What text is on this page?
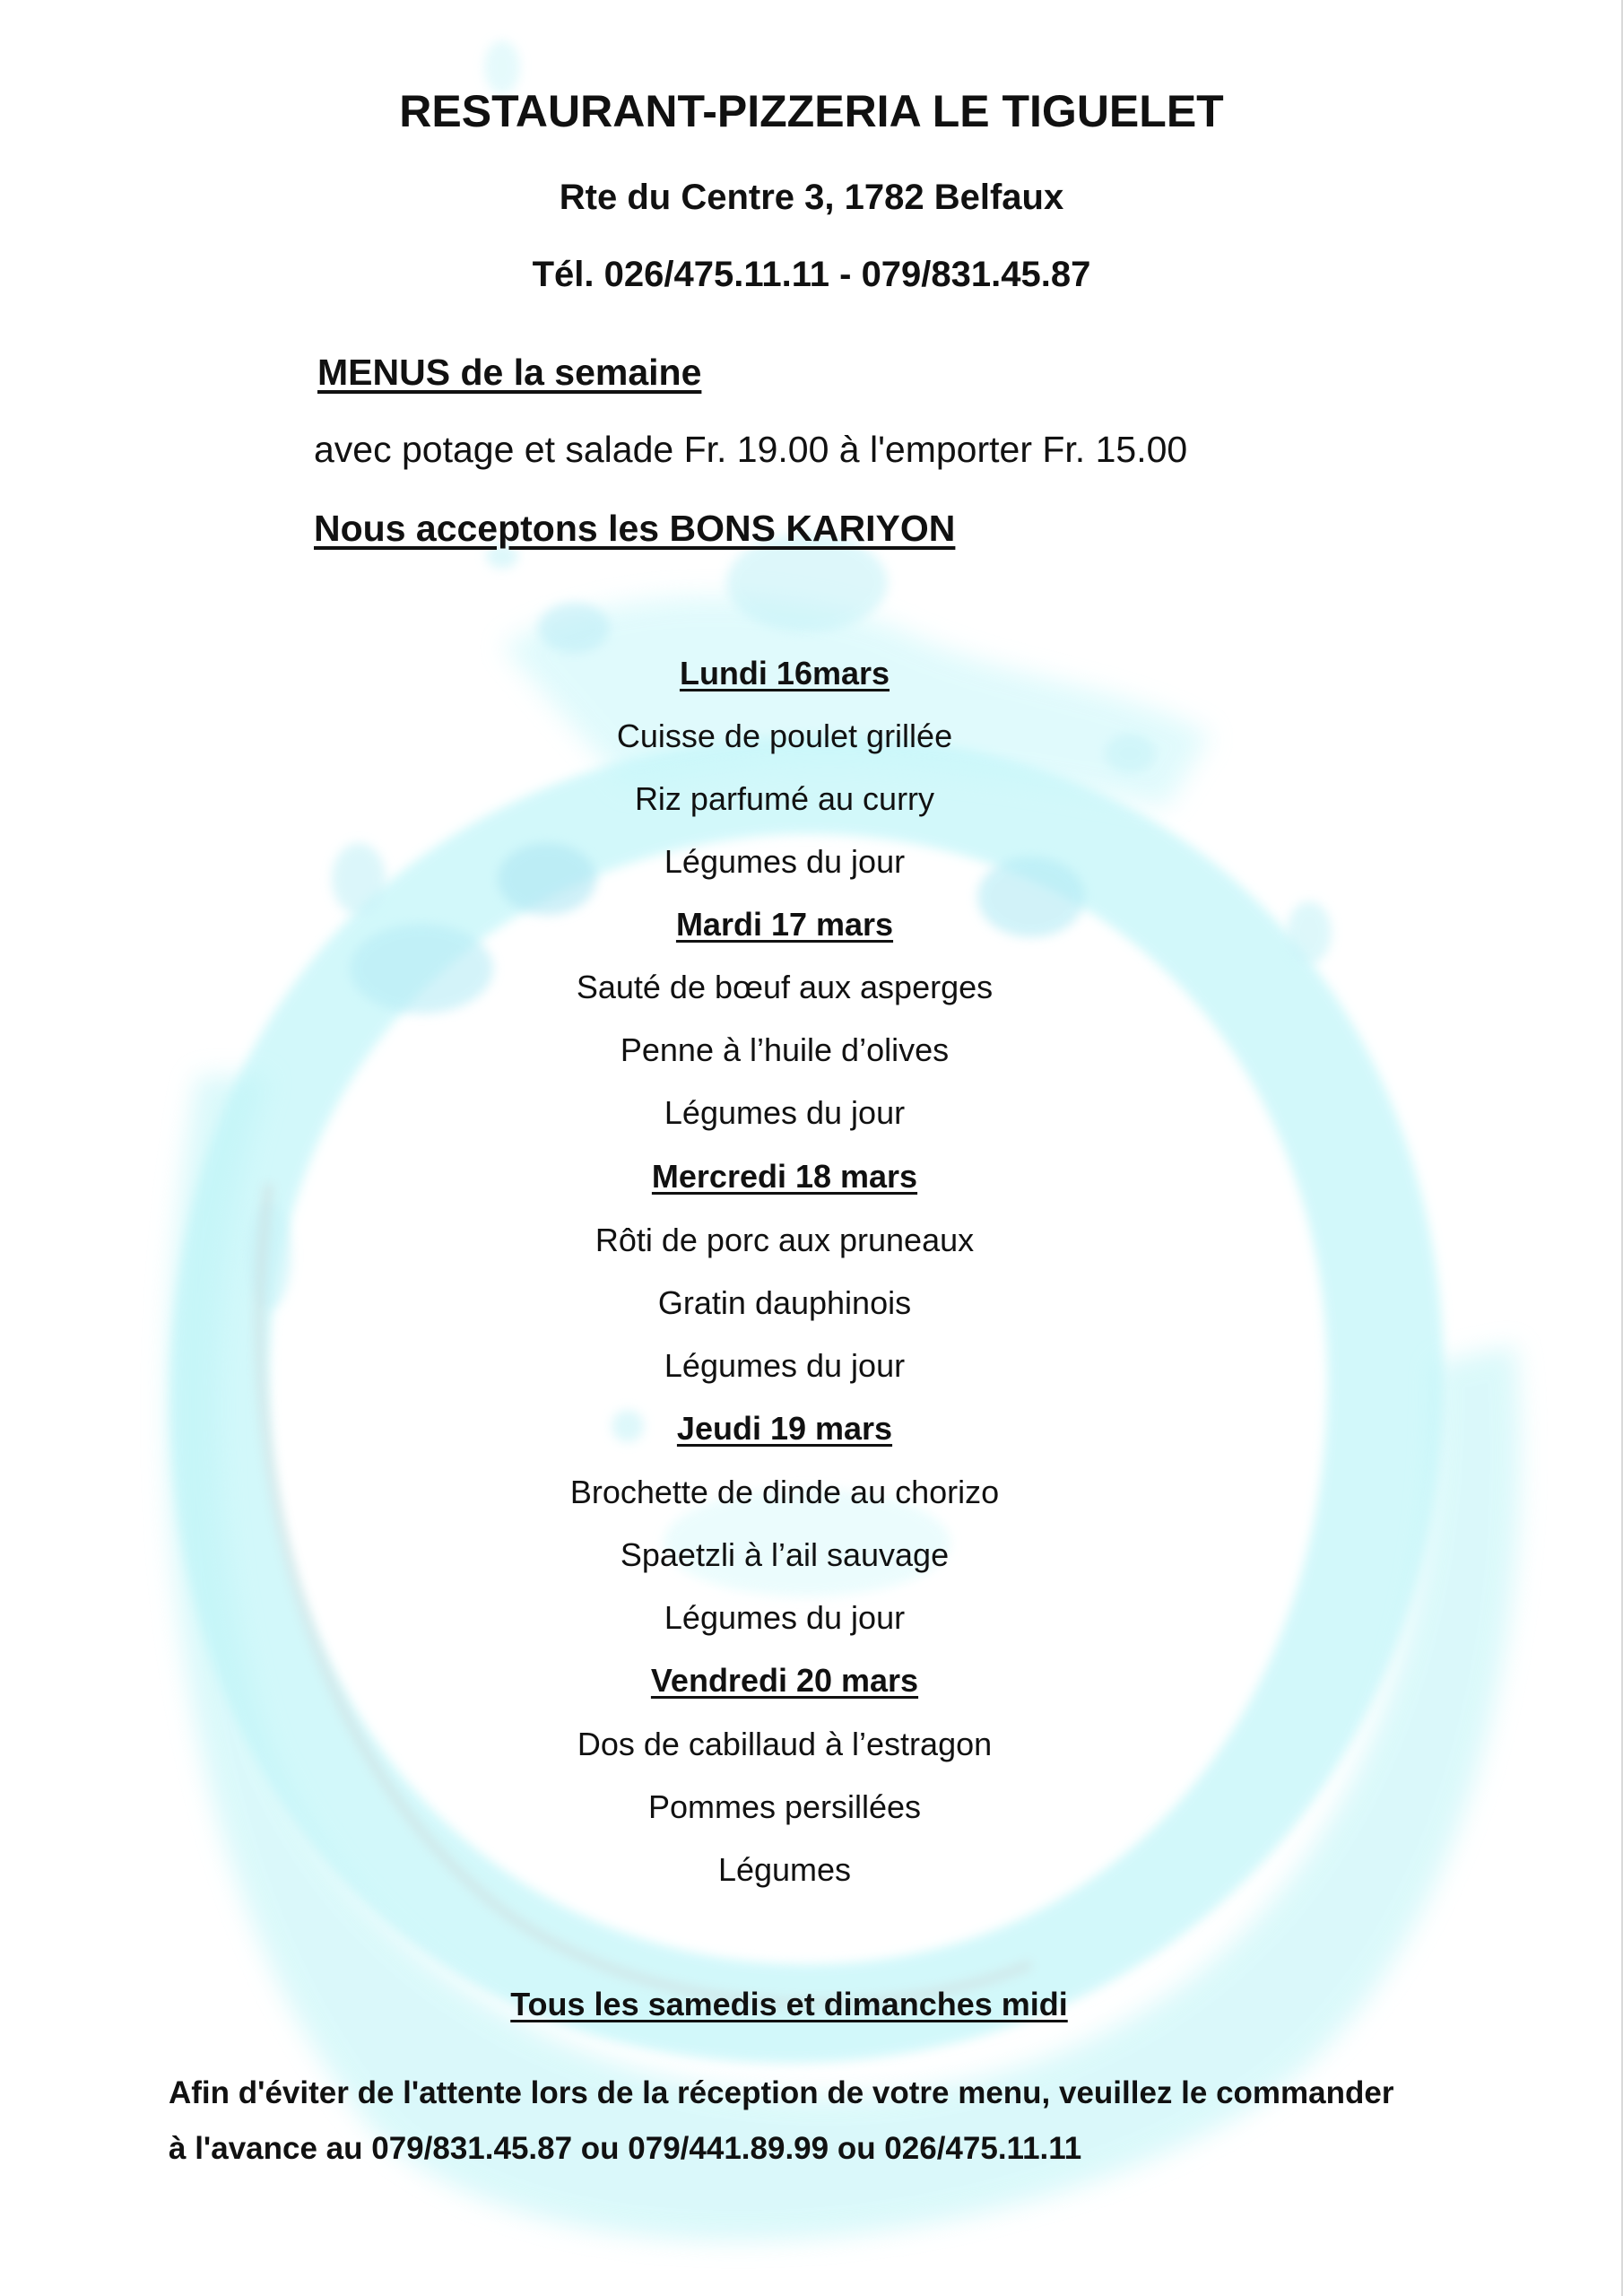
RESTAURANT-PIZZERIA LE TIGUELET
Rte du Centre 3, 1782 Belfaux
Tél. 026/475.11.11 - 079/831.45.87
MENUS de la semaine
avec potage et salade Fr. 19.00 à l'emporter Fr. 15.00
Nous acceptons les BONS KARIYON
Lundi 16mars
Cuisse de poulet grillée
Riz parfumé au curry
Légumes du jour
Mardi 17 mars
Sauté de bœuf aux asperges
Penne à l’huile d’olives
Légumes du jour
Mercredi 18 mars
Rôti de porc aux pruneaux
Gratin dauphinois
Légumes du jour
Jeudi 19 mars
Brochette de dinde au chorizo
Spaetzli à l’ail sauvage
Légumes du jour
Vendredi 20 mars
Dos de cabillaud à l’estragon
Pommes persillées
Légumes
Tous les samedis et dimanches midi
Afin d'éviter de l'attente lors de la réception de votre menu, veuillez le commander
à l'avance au 079/831.45.87 ou 079/441.89.99 ou 026/475.11.11
